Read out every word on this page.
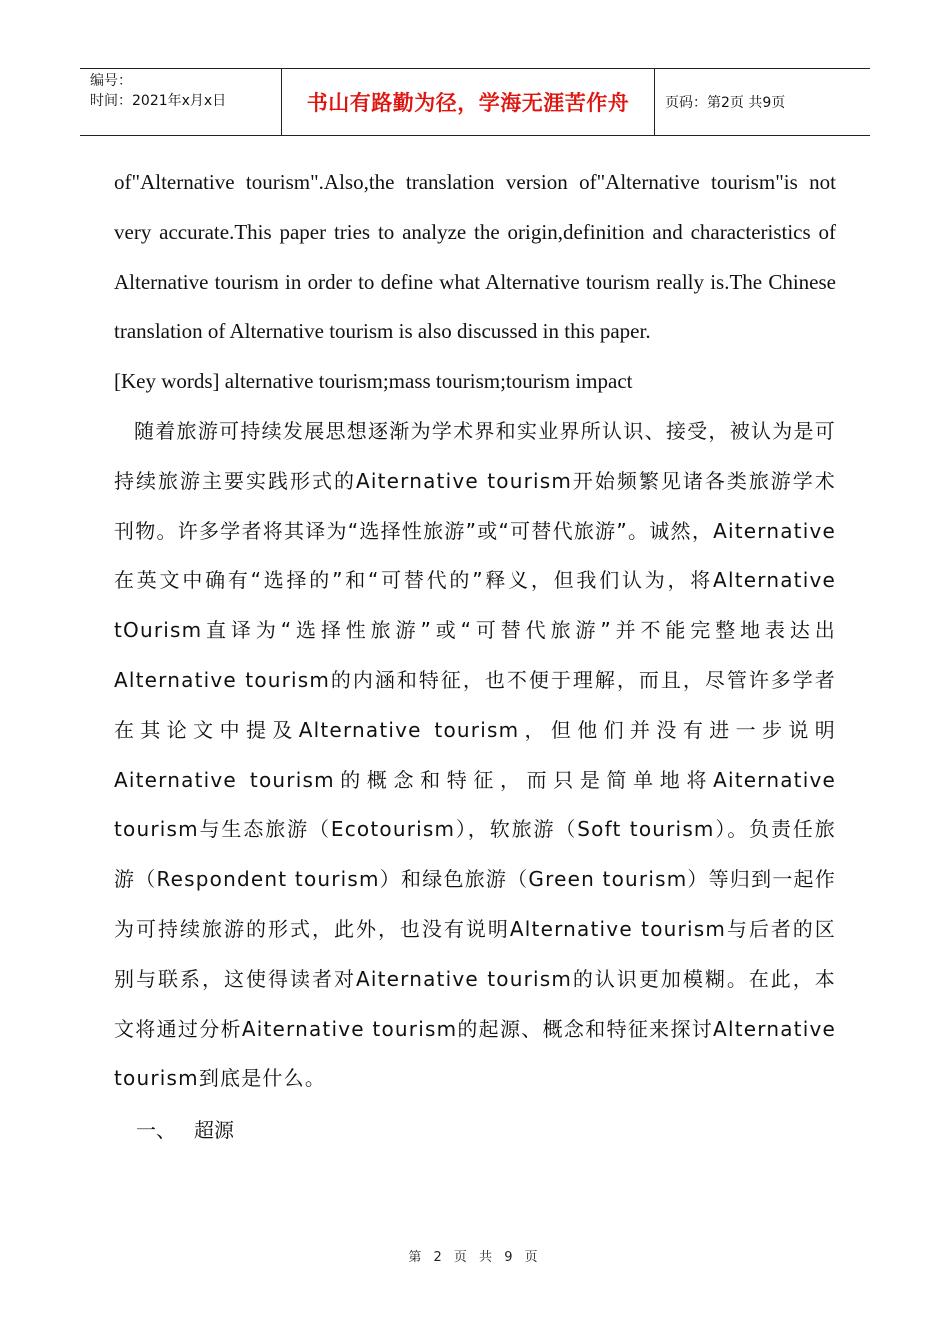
编号：
时间：2021年x月x日	书山有路勤为径，学海无涯苦作舟	页码：第2页 共9页

of"Alternative tourism".Also,the translation version of"Alternative tourism"is not very accurate.This paper tries to analyze the origin,definition and characteristics of Alternative tourism in order to define what Alternative tourism really is.The Chinese translation of Alternative tourism is also discussed in this paper.

[Key words] alternative tourism;mass tourism;tourism impact

随着旅游可持续发展思想逐渐为学术界和实业界所认识、接受，被认为是可持续旅游主要实践形式的Aiternative tourism开始频繁见诸各类旅游学术刊物。许多学者将其译为“选择性旅游”或“可替代旅游”。诚然，Aiternative在英文中确有“选择的”和“可替代的”释义，但我们认为，将Alternative tOurism直译为“选择性旅游”或“可替代旅游”并不能完整地表达出Alternative tourism的内涵和特征，也不便于理解，而且，尽管许多学者在其论文中提及Alternative tourism，但他们并没有进一步说明Aiternative tourism的概念和特征，而只是简单地将Aiternative tourism与生态旅游（Ecotourism），软旅游（Soft tourism）。负责任旅游（Respondent tourism）和绿色旅游（Green tourism）等归到一起作为可持续旅游的形式，此外，也没有说明Alternative tourism与后者的区别与联系，这使得读者对Aiternative tourism的认识更加模糊。在此，本文将通过分析Aiternative tourism的起源、概念和特征来探讨Alternative tourism到底是什么。

一、 超源

第 2 页 共 9 页
